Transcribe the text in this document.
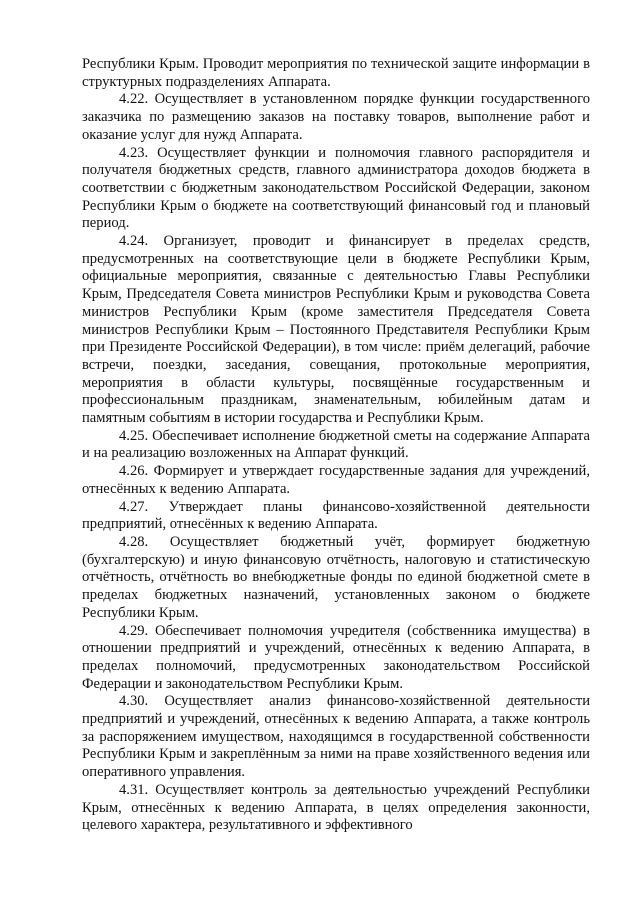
Республики Крым. Проводит мероприятия по технической защите информации в структурных подразделениях Аппарата.

4.22. Осуществляет в установленном порядке функции государственного заказчика по размещению заказов на поставку товаров, выполнение работ и оказание услуг для нужд Аппарата.

4.23. Осуществляет функции и полномочия главного распорядителя и получателя бюджетных средств, главного администратора доходов бюджета в соответствии с бюджетным законодательством Российской Федерации, законом Республики Крым о бюджете на соответствующий финансовый год и плановый период.

4.24. Организует, проводит и финансирует в пределах средств, предусмотренных на соответствующие цели в бюджете Республики Крым, официальные мероприятия, связанные с деятельностью Главы Республики Крым, Председателя Совета министров Республики Крым и руководства Совета министров Республики Крым (кроме заместителя Председателя Совета министров Республики Крым – Постоянного Представителя Республики Крым при Президенте Российской Федерации), в том числе: приём делегаций, рабочие встречи, поездки, заседания, совещания, протокольные мероприятия, мероприятия в области культуры, посвящённые государственным и профессиональным праздникам, знаменательным, юбилейным датам и памятным событиям в истории государства и Республики Крым.

4.25. Обеспечивает исполнение бюджетной сметы на содержание Аппарата и на реализацию возложенных на Аппарат функций.

4.26. Формирует и утверждает государственные задания для учреждений, отнесённых к ведению Аппарата.

4.27. Утверждает планы финансово-хозяйственной деятельности предприятий, отнесённых к ведению Аппарата.

4.28. Осуществляет бюджетный учёт, формирует бюджетную (бухгалтерскую) и иную финансовую отчётность, налоговую и статистическую отчётность, отчётность во внебюджетные фонды по единой бюджетной смете в пределах бюджетных назначений, установленных законом о бюджете Республики Крым.

4.29. Обеспечивает полномочия учредителя (собственника имущества) в отношении предприятий и учреждений, отнесённых к ведению Аппарата, в пределах полномочий, предусмотренных законодательством Российской Федерации и законодательством Республики Крым.

4.30. Осуществляет анализ финансово-хозяйственной деятельности предприятий и учреждений, отнесённых к ведению Аппарата, а также контроль за распоряжением имуществом, находящимся в государственной собственности Республики Крым и закреплённым за ними на праве хозяйственного ведения или оперативного управления.

4.31. Осуществляет контроль за деятельностью учреждений Республики Крым, отнесённых к ведению Аппарата, в целях определения законности, целевого характера, результативного и эффективного
